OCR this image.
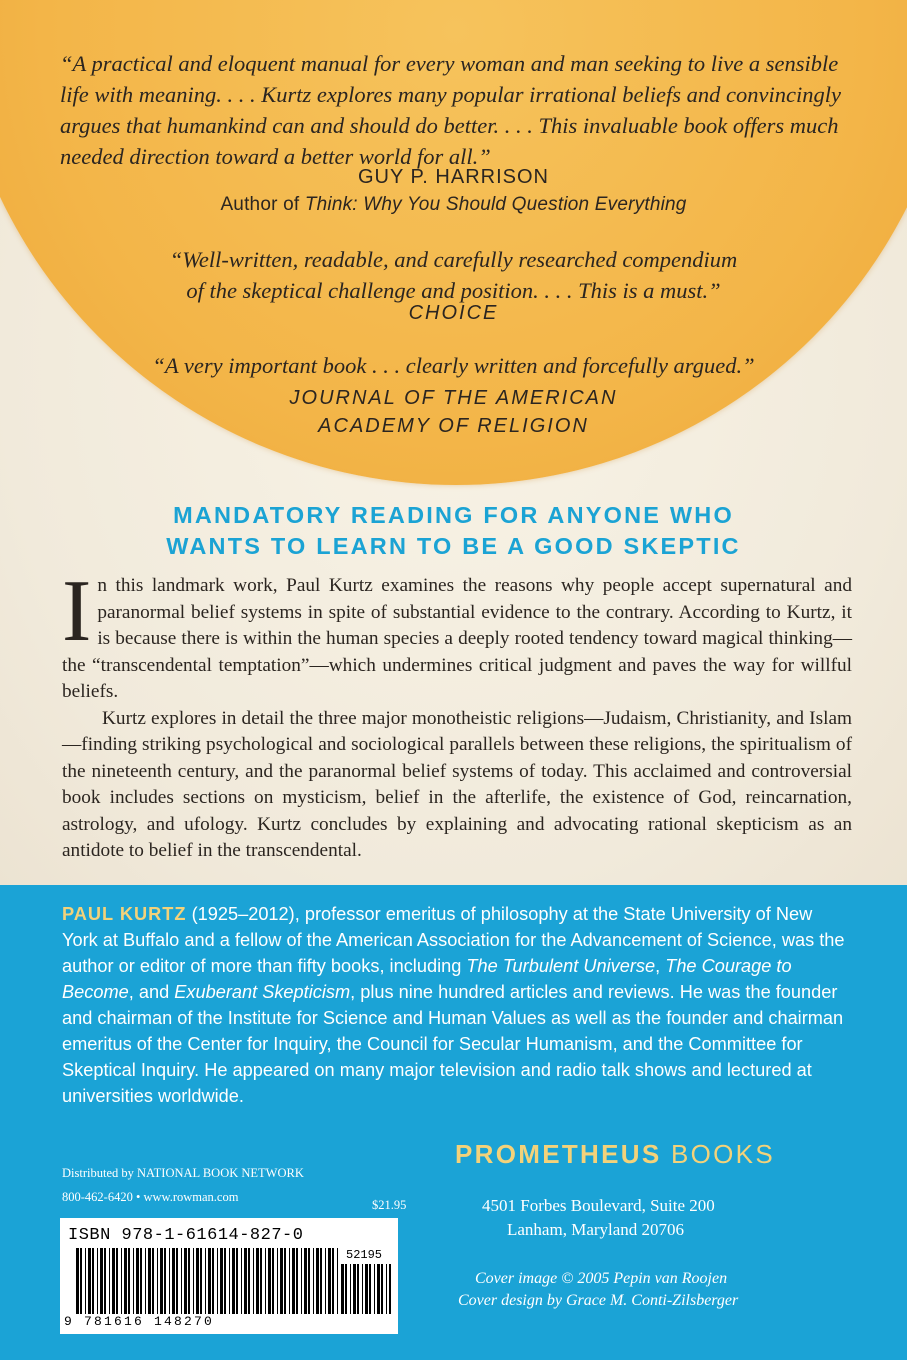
“A practical and eloquent manual for every woman and man seeking to live a sensible life with meaning. . . . Kurtz explores many popular irrational beliefs and convincingly argues that humankind can and should do better. . . . This invaluable book offers much needed direction toward a better world for all.”
GUY P. HARRISON
Author of Think: Why You Should Question Everything
“Well-written, readable, and carefully researched compendium
of the skeptical challenge and position. . . . This is a must.”
CHOICE
“A very important book . . . clearly written and forcefully argued.”
JOURNAL OF THE AMERICAN
ACADEMY OF RELIGION
MANDATORY READING FOR ANYONE WHO
WANTS TO LEARN TO BE A GOOD SKEPTIC

In this landmark work, Paul Kurtz examines the reasons why people accept supernatural and paranormal belief systems in spite of substantial evidence to the contrary. According to Kurtz, it is because there is within the human species a deeply rooted tendency toward magical thinking—the “transcendental temptation”—which undermines critical judgment and paves the way for willful beliefs.

Kurtz explores in detail the three major monotheistic religions—Judaism, Christianity, and Islam—finding striking psychological and sociological parallels between these religions, the spiritualism of the nineteenth century, and the paranormal belief systems of today. This acclaimed and controversial book includes sections on mysticism, belief in the afterlife, the existence of God, reincarnation, astrology, and ufology. Kurtz concludes by explaining and advocating rational skepticism as an antidote to belief in the transcendental.

PAUL KURTZ (1925–2012), professor emeritus of philosophy at the State University of New York at Buffalo and a fellow of the American Association for the Advancement of Science, was the author or editor of more than fifty books, including The Turbulent Universe, The Courage to Become, and Exuberant Skepticism, plus nine hundred articles and reviews. He was the founder and chairman of the Institute for Science and Human Values as well as the founder and chairman emeritus of the Center for Inquiry, the Council for Secular Humanism, and the Committee for Skeptical Inquiry. He appeared on many major television and radio talk shows and lectured at universities worldwide.
PROMETHEUS BOOKS
4501 Forbes Boulevard, Suite 200
Lanham, Maryland 20706
Cover image © 2005 Pepin van Roojen
Cover design by Grace M. Conti-Zilsberger
Distributed by NATIONAL BOOK NETWORK
800-462-6420 • www.rowman.com
$21.95
ISBN 978-1-61614-827-0
52195
9 781616 148270
